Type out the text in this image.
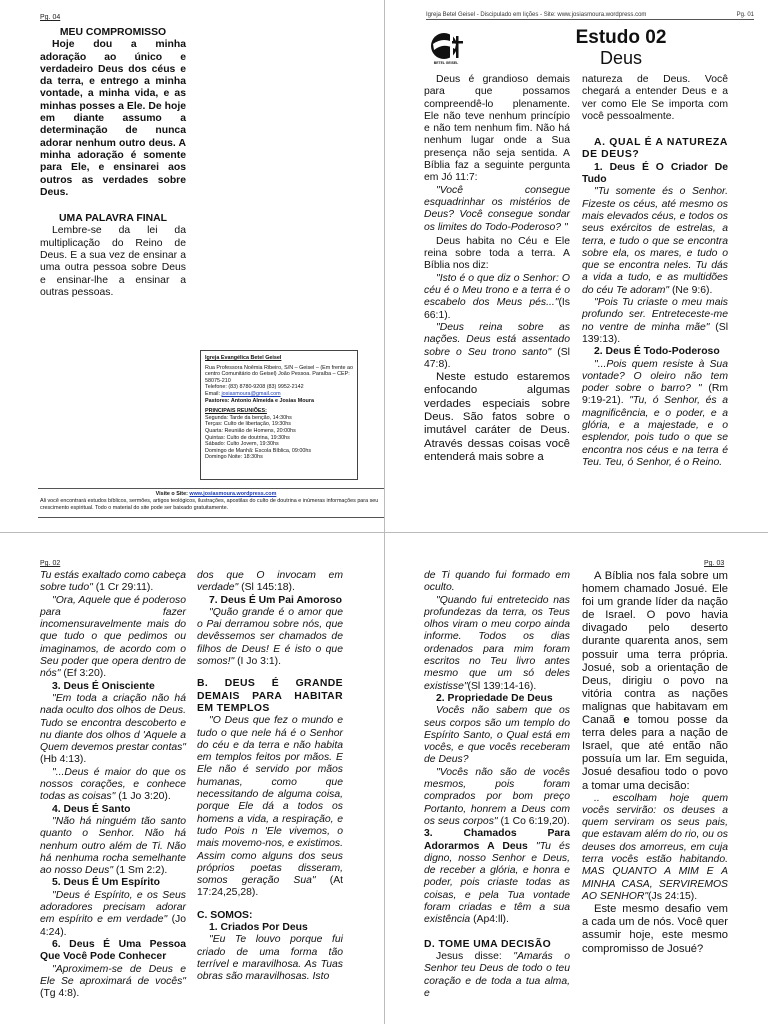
Pg. 04

MEU COMPROMISSO

Hoje dou a minha adoração ao único e verdadeiro Deus dos céus e da terra, e entrego a minha vontade, a minha vida, e as minhas posses a Ele. De hoje em diante assumo a determinação de nunca adorar nenhum outro deus. A minha adoração é somente para Ele, e ensinarei aos outros as verdades sobre Deus.

UMA PALAVRA FINAL

Lembre-se da lei da multiplicação do Reino de Deus. E a sua vez de ensinar a uma outra pessoa sobre Deus e ensinar-lhe a ensinar a outras pessoas.

Igreja Evangélica Betel Geisel
Rua Professora Noêmia Ribeiro, S/N – Geisel – (Em frente ao centro Comunitário do Geisel) João Pessoa. Paraíba – CEP: 58075-210
Telefone: (83) 8780-9208 (83) 9952-2142
Email: josiasmoura@gmail.com
Pastores: Antonio Almeida e Josias Moura
PRINCIPAIS REUNIÕES:
Segunda: Tarde da benção, 14:30hs
Terças: Culto de libertação, 19:30hs
Quarta: Reunião de Homens, 20:00hs
Quintas: Culto de doutrina, 19:30hs
Sábado: Culto Jovem, 19:30hs
Domingo de Manhã: Escola Bíblica, 09:00hs
Domingo Noite: 18:30hs
Visite o Site: www.josiasmoura.wordpress.com
Ali você encontrará estudos bíblicos, sermões, artigos teológicos, ilustrações, apostilas do culto de doutrina e inúmeras informações para seu crescimento espiritual. Todo o material do site pode ser baixado gratuitamente.
Igreja Betel Geisel - Discipulado em lições - Site: www.josiasmoura.wordpress.com	Pg. 01
BETEL GEISEL
Estudo 02
Deus

Deus é grandioso demais para que possamos compreendê-lo plenamente. Ele não teve nenhum princípio e não tem nenhum fim. Não há nenhum lugar onde a Sua presença não seja sentida. A Bíblia faz a seguinte pergunta em Jó 11:7:

"Você consegue esquadrinhar os mistérios de Deus? Você consegue sondar os limites do Todo-Poderoso? "

Deus habita no Céu e Ele reina sobre toda a terra. A Bíblia nos diz:

"Isto é o que diz o Senhor: O céu é o Meu trono e a terra é o escabelo dos Meus pés..."(Is 66:1).

"Deus reina sobre as nações. Deus está assentado sobre o Seu trono santo" (Sl 47:8).

Neste estudo estaremos enfocando algumas verdades especiais sobre Deus. São fatos sobre o imutável caráter de Deus. Através dessas coisas você entenderá mais sobre a

natureza de Deus. Você chegará a entender Deus e a ver como Ele Se importa com você pessoalmente.

A. QUAL É A NATUREZA DE DEUS?

1. Deus É O Criador De Tudo

"Tu somente és o Senhor. Fizeste os céus, até mesmo os mais elevados céus, e todos os seus exércitos de estrelas, a terra, e tudo o que se encontra sobre ela, os mares, e tudo o que se encontra neles. Tu dás a vida a tudo, e as multidões do céu Te adoram" (Ne 9:6).

"Pois Tu criaste o meu mais profundo ser. Entreteceste-me no ventre de minha mãe" (Sl 139:13).

2. Deus É Todo-Poderoso

"...Pois quem resiste à Sua vontade? O oleiro não tem poder sobre o barro? " (Rm 9:19-21). "Tu, ó Senhor, és a magnificência, e o poder, e a glória, e a majestade, e o esplendor, pois tudo o que se encontra nos céus e na terra é Teu. Teu, ó Senhor, é o Reino.

Pg. 02

Tu estás exaltado como cabeça sobre tudo" (1 Cr 29:11).

"Ora, Aquele que é poderoso para fazer incomensuravelmente mais do que tudo o que pedimos ou imaginamos, de acordo com o Seu poder que opera dentro de nós" (Ef 3:20).

3. Deus É Onisciente

"Em toda a criação não há nada oculto dos olhos de Deus. Tudo se encontra descoberto e nu diante dos olhos d 'Aquele a Quem devemos prestar contas" (Hb 4:13).

"...Deus é maior do que os nossos corações, e conhece todas as coisas" (1 Jo 3:20).

4. Deus É Santo

"Não há ninguém tão santo quanto o Senhor. Não há nenhum outro além de Ti. Não há nenhuma rocha semelhante ao nosso Deus" (1 Sm 2:2).

5. Deus É Um Espírito

"Deus é Espírito, e os Seus adoradores precisam adorar em espírito e em verdade" (Jo 4:24).

6. Deus É Uma Pessoa Que Você Pode Conhecer

"Aproximem-se de Deus e Ele Se aproximará de vocês" (Tg 4:8).

dos que O invocam em verdade" (Sl 145:18).

7. Deus É Um Pai Amoroso

"Quão grande é o amor que o Pai derramou sobre nós, que devêssemos ser chamados de filhos de Deus! E é isto o que somos!" (I Jo 3:1).

B. DEUS É GRANDE DEMAIS PARA HABITAR EM TEMPLOS

"O Deus que fez o mundo e tudo o que nele há é o Senhor do céu e da terra e não habita em templos feitos por mãos. E Ele não é servido por mãos humanas, como que necessitando de alguma coisa, porque Ele dá a todos os homens a vida, a respiração, e tudo Pois n 'Ele vivemos, o mais movemo-nos, e existimos. Assim como alguns dos seus próprios poetas disseram, somos geração Sua" (At 17:24,25,28).

C. SOMOS:

1. Criados Por Deus

"Eu Te louvo porque fui criado de uma forma tão terrível e maravilhosa. As Tuas obras são maravilhosas. Isto

Pg. 03

de Ti quando fui formado em oculto.

"Quando fui entretecido nas profundezas da terra, os Teus olhos viram o meu corpo ainda informe. Todos os dias ordenados para mim foram escritos no Teu livro antes mesmo que um só deles existisse"(Sl 139:14-16).

2. Propriedade De Deus

Vocês não sabem que os seus corpos são um templo do Espírito Santo, o Qual está em vocês, e que vocês receberam de Deus?

"Vocês não são de vocês mesmos, pois foram comprados por bom preço Portanto, honrem a Deus com os seus corpos" (1 Co 6:19,20).

3. Chamados Para Adorarmos A Deus "Tu és digno, nosso Senhor e Deus, de receber a glória, e honra e poder, pois criaste todas as coisas, e pela Tua vontade foram criadas e têm a sua existência (Ap4:ll).

D. TOME UMA DECISÃO

Jesus disse: "Amarás o Senhor teu Deus de todo o teu coração e de toda a tua alma, e

A Bíblia nos fala sobre um homem chamado Josué. Ele foi um grande líder da nação de Israel. O povo havia divagado pelo deserto durante quarenta anos, sem possuir uma terra própria. Josué, sob a orientação de Deus, dirigiu o povo na vitória contra as nações malignas que habitavam em Canaã e tomou posse da terra deles para a nação de Israel, que até então não possuía um lar. Em seguida, Josué desafiou todo o povo a tomar uma decisão:

.. escolham hoje quem vocês servirão: os deuses a quem serviram os seus pais, que estavam além do rio, ou os deuses dos amorreus, em cuja terra vocês estão habitando. MAS QUANTO A MIM E A MINHA CASA, SERVIREMOS AO SENHOR"(Js 24:15).

Este mesmo desafio vem a cada um de nós. Você quer assumir hoje, este mesmo compromisso de Josué?
